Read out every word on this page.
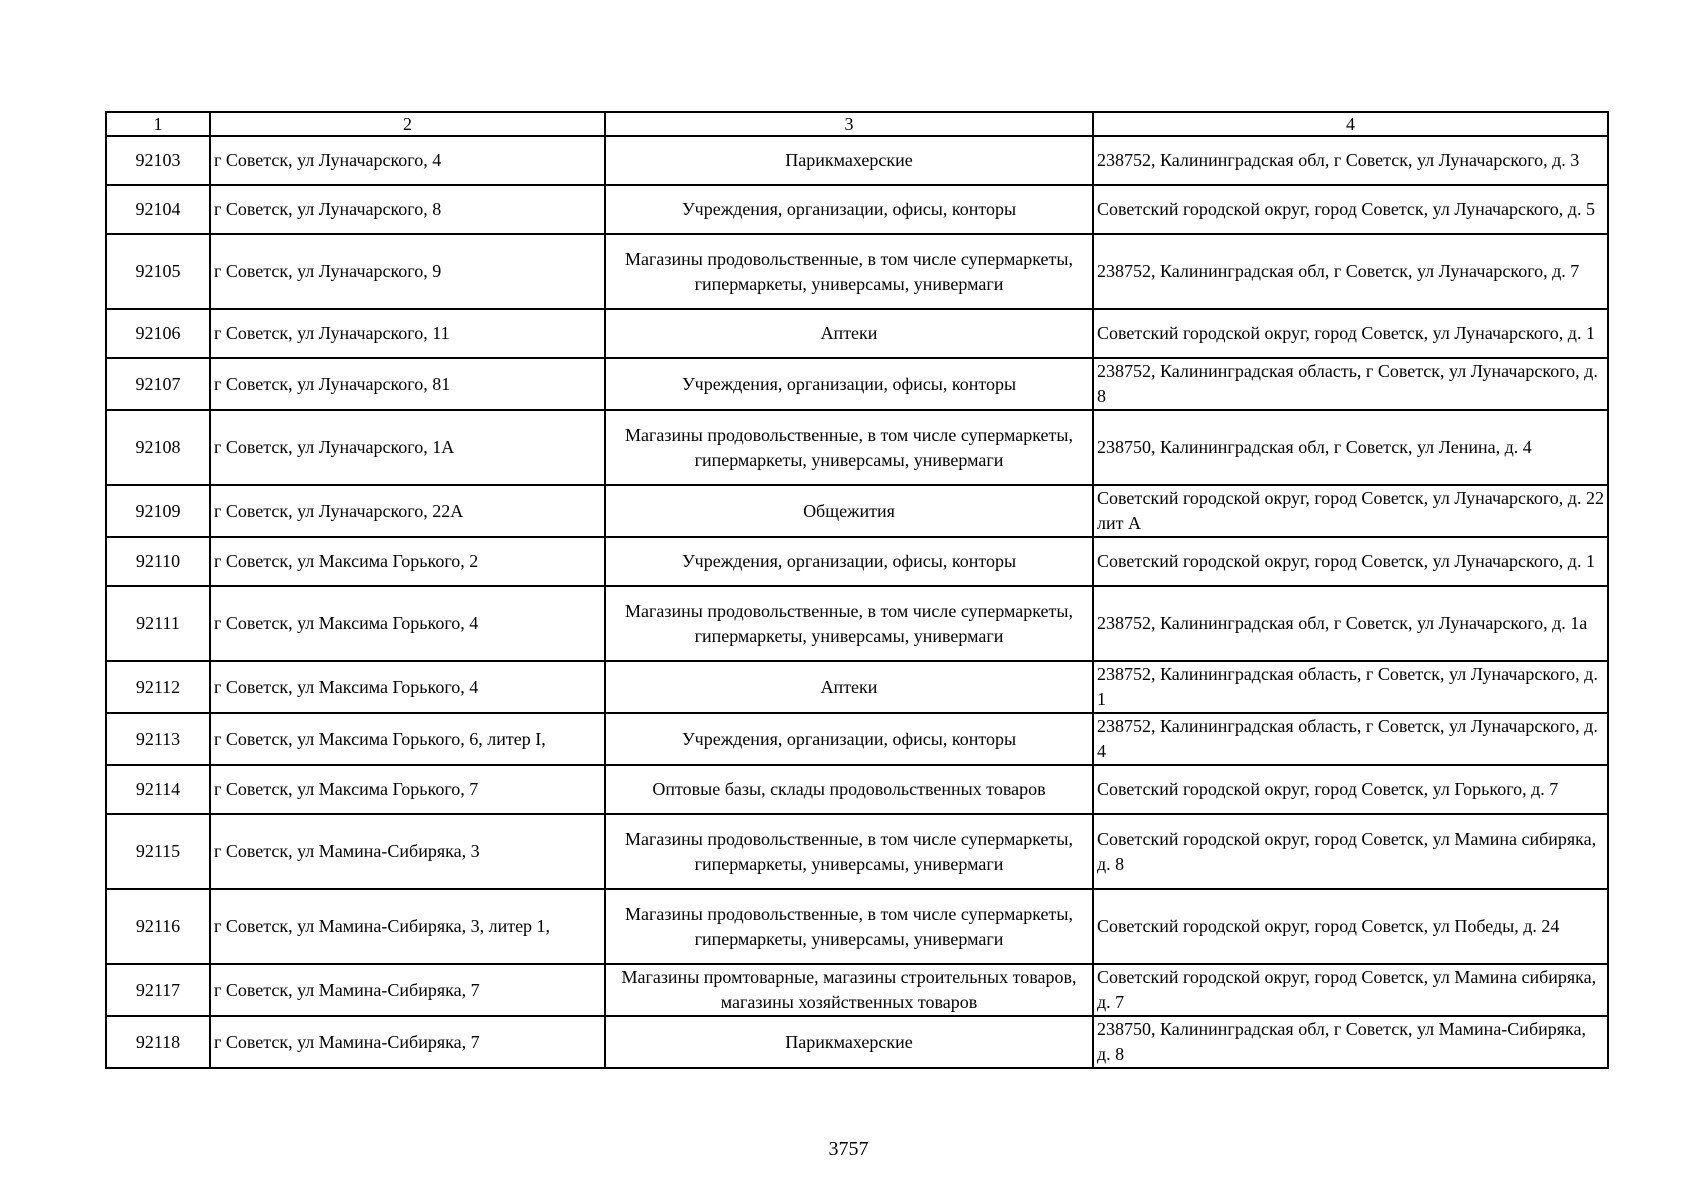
1	2	3	4
92103	г Советск, ул Луначарского, 4	Парикмахерские	238752, Калининградская обл, г Советск, ул Луначарского, д. 3
92104	г Советск, ул Луначарского, 8	Учреждения, организации, офисы, конторы	Советский городской округ, город Советск, ул Луначарского, д. 5
92105	г Советск, ул Луначарского, 9	Магазины продовольственные, в том числе супермаркеты, гипермаркеты, универсамы, универмаги	238752, Калининградская обл, г Советск, ул Луначарского, д. 7
92106	г Советск, ул Луначарского, 11	Аптеки	Советский городской округ, город Советск, ул Луначарского, д. 1
92107	г Советск, ул Луначарского, 81	Учреждения, организации, офисы, конторы	238752, Калининградская область, г Советск, ул Луначарского, д. 8
92108	г Советск, ул Луначарского, 1А	Магазины продовольственные, в том числе супермаркеты, гипермаркеты, универсамы, универмаги	238750, Калининградская обл, г Советск, ул Ленина, д. 4
92109	г Советск, ул Луначарского, 22А	Общежития	Советский городской округ, город Советск, ул Луначарского, д. 22 лит А
92110	г Советск, ул Максима Горького, 2	Учреждения, организации, офисы, конторы	Советский городской округ, город Советск, ул Луначарского, д. 1
92111	г Советск, ул Максима Горького, 4	Магазины продовольственные, в том числе супермаркеты, гипермаркеты, универсамы, универмаги	238752, Калининградская обл, г Советск, ул Луначарского, д. 1а
92112	г Советск, ул Максима Горького, 4	Аптеки	238752, Калининградская область, г Советск, ул Луначарского, д. 1
92113	г Советск, ул Максима Горького, 6, литер I,	Учреждения, организации, офисы, конторы	238752, Калининградская область, г Советск, ул Луначарского, д. 4
92114	г Советск, ул Максима Горького, 7	Оптовые базы, склады продовольственных товаров	Советский городской округ, город Советск, ул Горького, д. 7
92115	г Советск, ул Мамина-Сибиряка, 3	Магазины продовольственные, в том числе супермаркеты, гипермаркеты, универсамы, универмаги	Советский городской округ, город Советск, ул Мамина сибиряка, д. 8
92116	г Советск, ул Мамина-Сибиряка, 3, литер 1,	Магазины продовольственные, в том числе супермаркеты, гипермаркеты, универсамы, универмаги	Советский городской округ, город Советск, ул Победы, д. 24
92117	г Советск, ул Мамина-Сибиряка, 7	Магазины промтоварные, магазины строительных товаров, магазины хозяйственных товаров	Советский городской округ, город Советск, ул Мамина сибиряка, д. 7
92118	г Советск, ул Мамина-Сибиряка, 7	Парикмахерские	238750, Калининградская обл, г Советск, ул Мамина-Сибиряка, д. 8
3757
